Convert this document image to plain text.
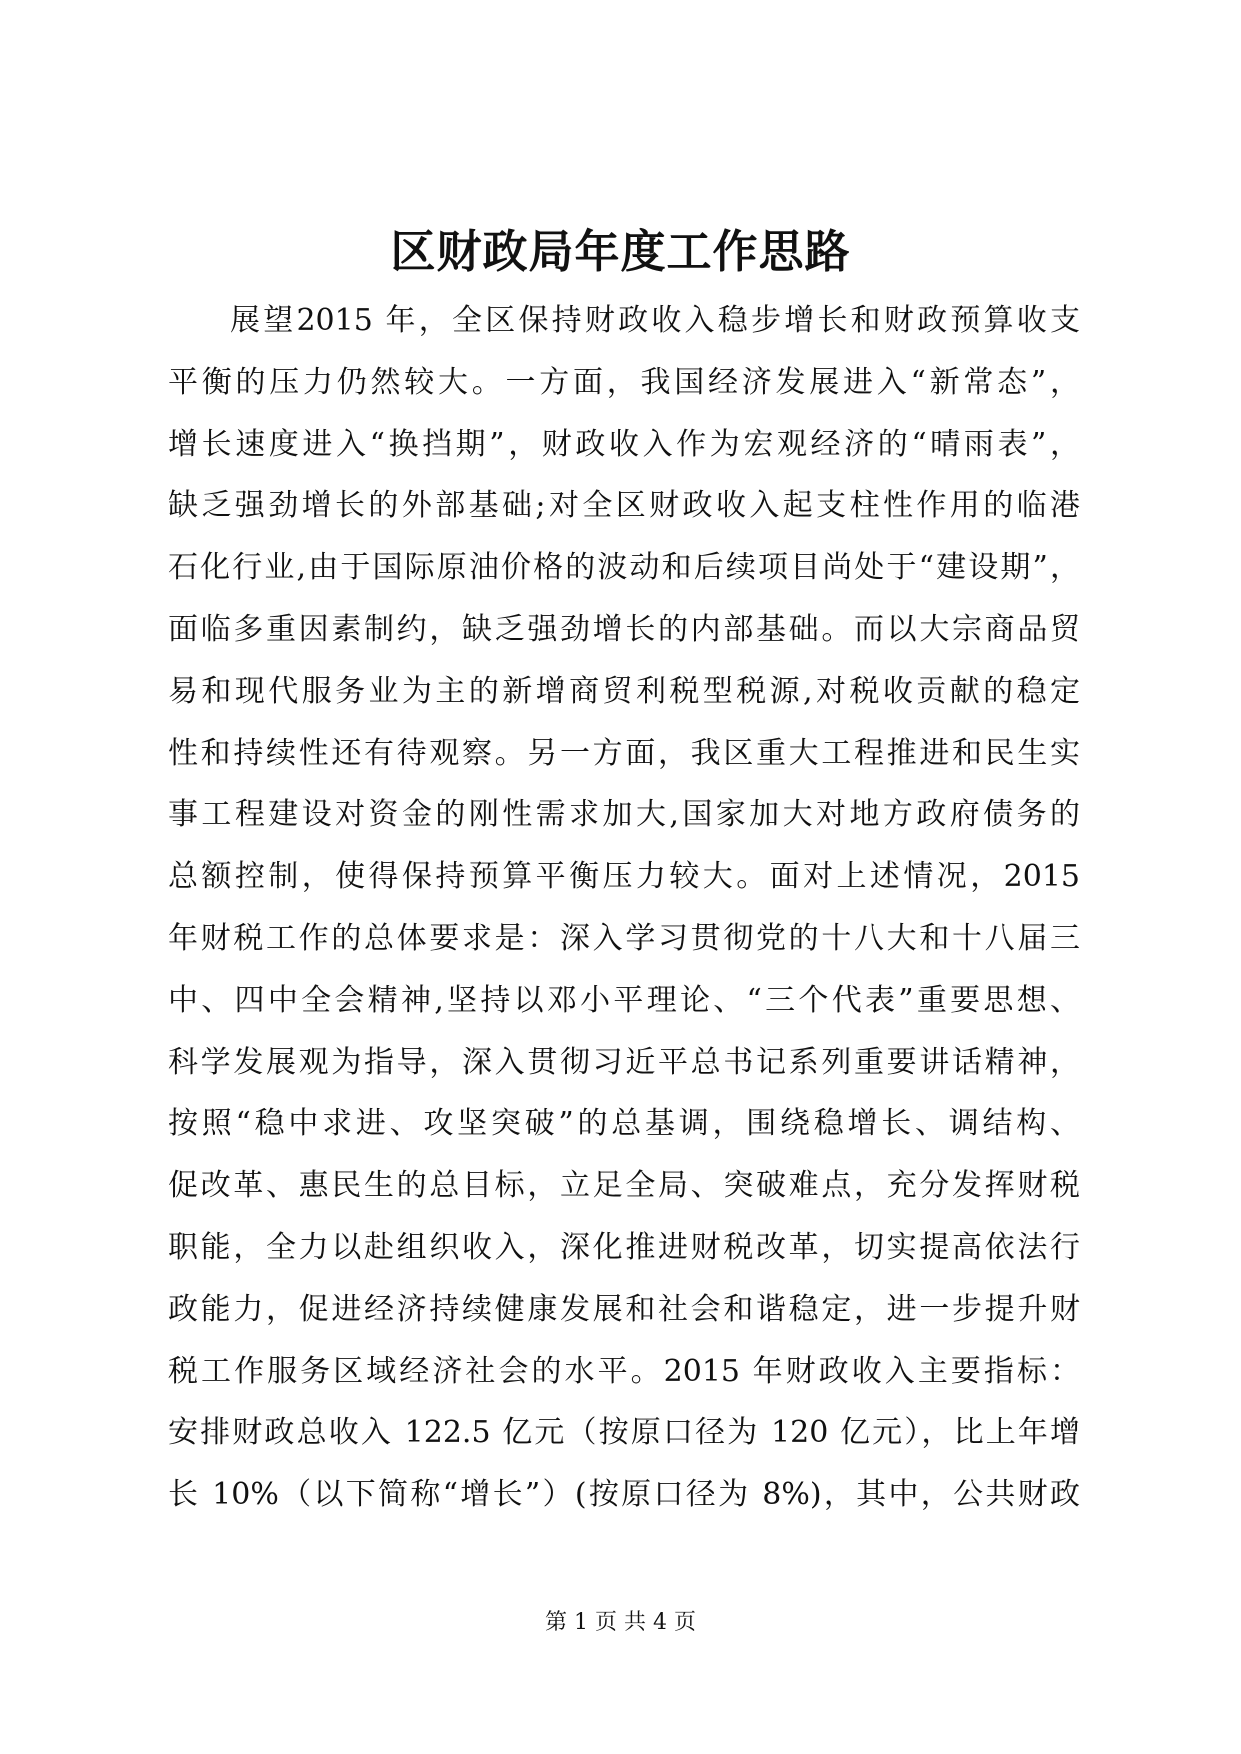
区财政局年度工作思路
展望2015 年，全区保持财政收入稳步增长和财政预算收支
平衡的压力仍然较大。一方面，我国经济发展进入“新常态”，
增长速度进入“换挡期”，财政收入作为宏观经济的“晴雨表”，
缺乏强劲增长的外部基础;对全区财政收入起支柱性作用的临港
石化行业,由于国际原油价格的波动和后续项目尚处于“建设期”，
面临多重因素制约，缺乏强劲增长的内部基础。而以大宗商品贸
易和现代服务业为主的新增商贸利税型税源,对税收贡献的稳定
性和持续性还有待观察。另一方面，我区重大工程推进和民生实
事工程建设对资金的刚性需求加大,国家加大对地方政府债务的
总额控制，使得保持预算平衡压力较大。面对上述情况，2015
年财税工作的总体要求是：深入学习贯彻党的十八大和十八届三
中、四中全会精神,坚持以邓小平理论、“三个代表”重要思想、
科学发展观为指导，深入贯彻习近平总书记系列重要讲话精神，
按照“稳中求进、攻坚突破”的总基调，围绕稳增长、调结构、
促改革、惠民生的总目标，立足全局、突破难点，充分发挥财税
职能，全力以赴组织收入，深化推进财税改革，切实提高依法行
政能力，促进经济持续健康发展和社会和谐稳定，进一步提升财
税工作服务区域经济社会的水平。2015 年财政收入主要指标：
安排财政总收入 122.5 亿元（按原口径为 120 亿元），比上年增
长 10%（以下简称“增长”）(按原口径为 8%)，其中，公共财政
第 1 页 共 4 页
